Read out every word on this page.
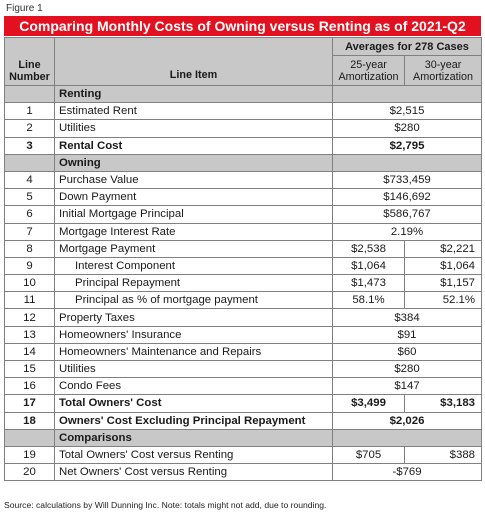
Figure 1
Comparing Monthly Costs of Owning versus Renting as of 2021-Q2
Line
Number	Line Item	Averages for 278 Cases	
		25-year
Amortization	30-year
Amortization
	Renting		
1	Estimated Rent	$2,515	
2	Utilities	$280	
3	Rental Cost	$2,795	
	Owning		
4	Purchase Value	$733,459	
5	Down Payment	$146,692	
6	Initial Mortgage Principal	$586,767	
7	Mortgage Interest Rate	2.19%	
8	Mortgage Payment	$2,538	$2,221
9	Interest Component	$1,064	$1,064
10	Principal Repayment	$1,473	$1,157
11	Principal as % of mortgage payment	58.1%	52.1%
12	Property Taxes	$384	
13	Homeowners' Insurance	$91	
14	Homeowners' Maintenance and Repairs	$60	
15	Utilities	$280	
16	Condo Fees	$147	
17	Total Owners' Cost	$3,499	$3,183
18	Owners' Cost Excluding Principal Repayment	$2,026	
	Comparisons		
19	Total Owners' Cost versus Renting	$705	$388
20	Net Owners' Cost versus Renting	-$769	
Source: calculations by Will Dunning Inc. Note: totals might not add, due to rounding.
